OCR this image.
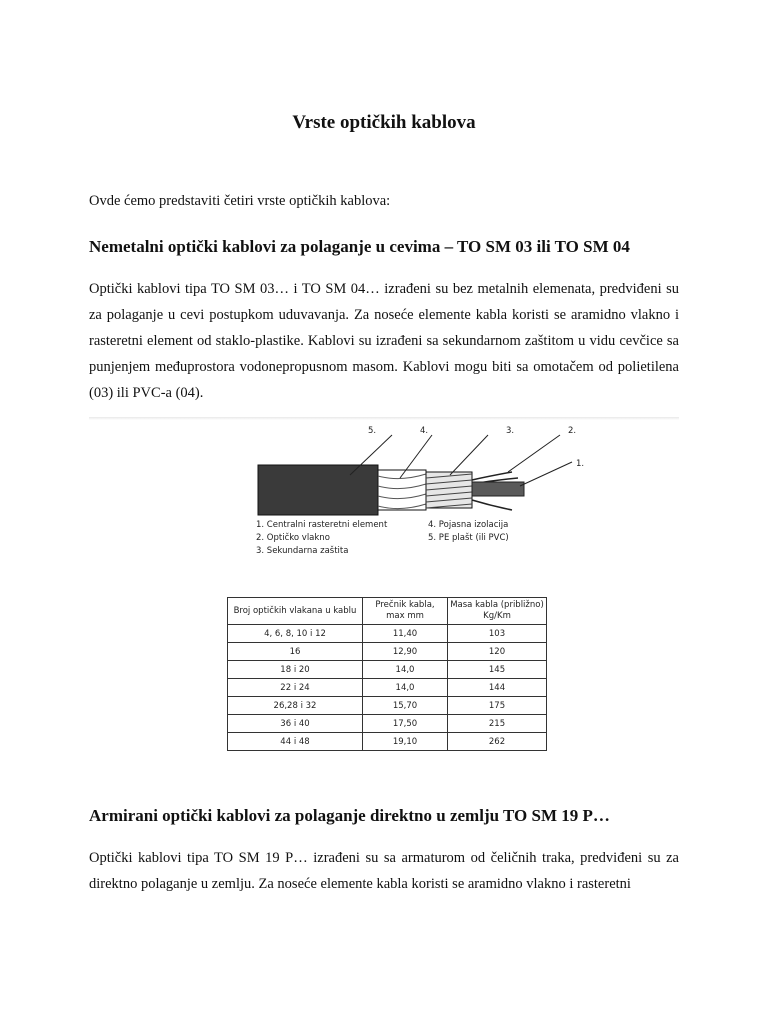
Vrste optičkih kablova
Ovde ćemo predstaviti četiri vrste optičkih kablova:
Nemetalni optički kablovi za polaganje u cevima – TO SM 03 ili TO SM 04
Optički kablovi tipa TO SM 03… i TO SM 04… izrađeni su bez metalnih elemenata, predviđeni su za polaganje u cevi postupkom uduvavanja. Za noseće elemente kabla koristi se aramidno vlakno i rasteretni element od staklo-plastike. Kablovi su izrađeni sa sekundarnom zaštitom u vidu cevčice sa punjenjem međuprostora vodonepropusnom masom. Kablovi mogu biti sa omotačem od polietilena (03) ili PVC-a (04).
5.	4.	3.	2.
1.
1. Centralni rasteretni element
2. Optičko vlakno
3. Sekundarna zaštita
4. Pojasna izolacija
5. PE plašt (ili PVC)
Broj optičkih vlakana u kablu	Prečnik kabla, max mm	Masa kabla (približno) Kg/Km
4, 6, 8, 10 i 12	11,40	103
16	12,90	120
18 i 20	14,0	145
22 i 24	14,0	144
26,28 i 32	15,70	175
36 i 40	17,50	215
44 i 48	19,10	262
Armirani optički kablovi za polaganje direktno u zemlju TO SM 19 P…
Optički kablovi tipa TO SM 19 P… izrađeni su sa armaturom od čeličnih traka, predviđeni su za direktno polaganje u zemlju. Za noseće elemente kabla koristi se aramidno vlakno i rasteretni
